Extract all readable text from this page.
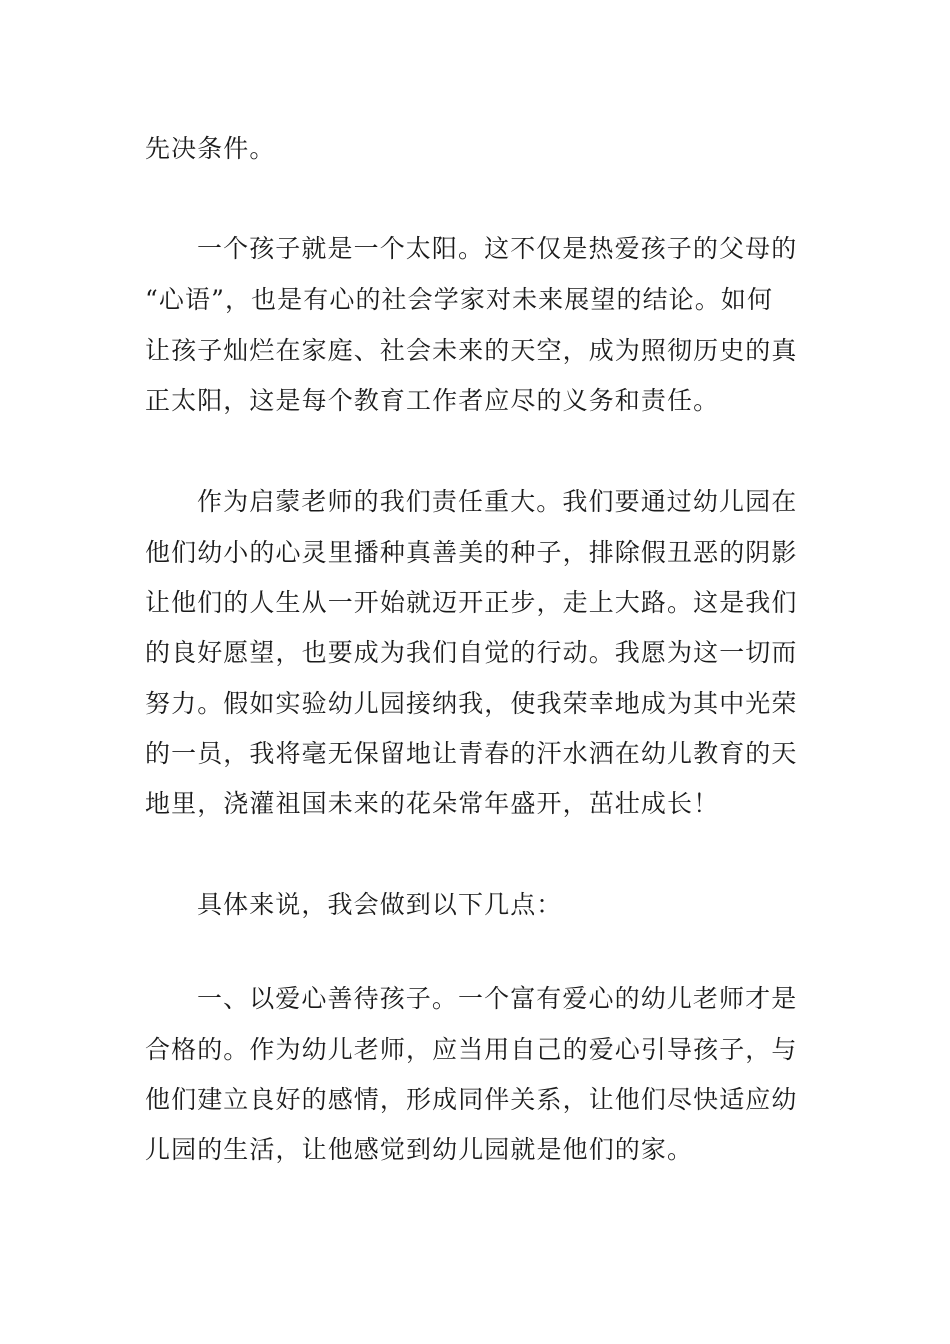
先决条件。
一个孩子就是一个太阳。这不仅是热爱孩子的父母的
“心语”，也是有心的社会学家对未来展望的结论。如何
让孩子灿烂在家庭、社会未来的天空，成为照彻历史的真
正太阳，这是每个教育工作者应尽的义务和责任。
作为启蒙老师的我们责任重大。我们要通过幼儿园在
他们幼小的心灵里播种真善美的种子，排除假丑恶的阴影
让他们的人生从一开始就迈开正步，走上大路。这是我们
的良好愿望，也要成为我们自觉的行动。我愿为这一切而
努力。假如实验幼儿园接纳我，使我荣幸地成为其中光荣
的一员，我将毫无保留地让青春的汗水洒在幼儿教育的天
地里，浇灌祖国未来的花朵常年盛开，茁壮成长！
具体来说，我会做到以下几点：
一、以爱心善待孩子。一个富有爱心的幼儿老师才是
合格的。作为幼儿老师，应当用自己的爱心引导孩子，与
他们建立良好的感情，形成同伴关系，让他们尽快适应幼
儿园的生活，让他感觉到幼儿园就是他们的家。
